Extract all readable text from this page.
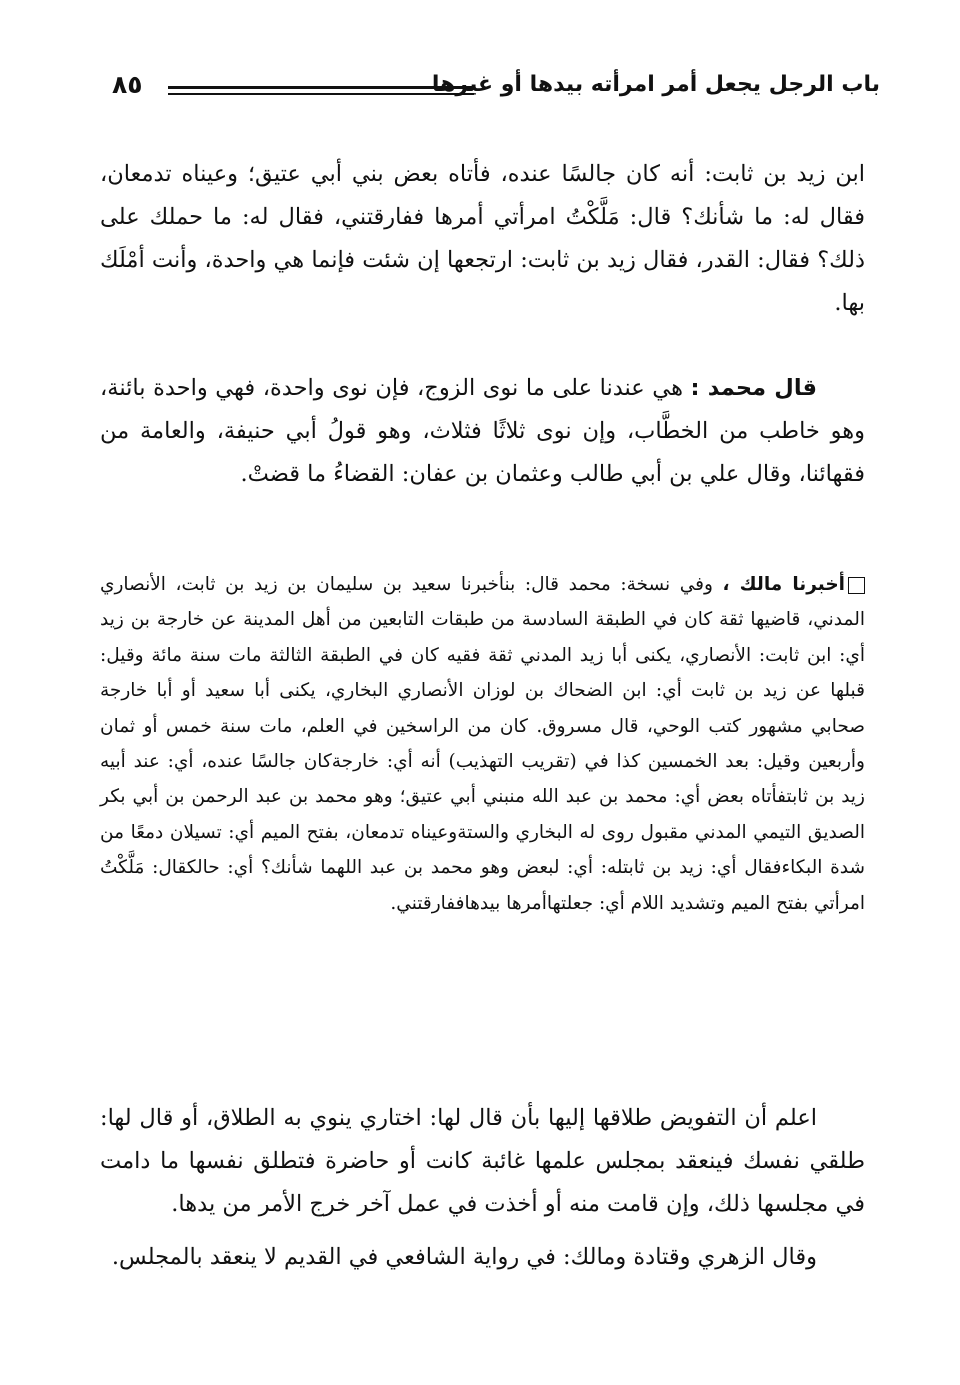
٨٥	باب الرجل يجعل أمر امرأته بيدها أو غيرها

ابن زيد بن ثابت: أنه كان جالسًا عنده، فأتاه بعض بني أبي عتيق؛ وعيناه تدمعان، فقال له: ما شأنك؟ قال: مَلَّكْتُ امرأتي أمرها ففارقتني، فقال له: ما حملك على ذلك؟ فقال: القدر، فقال زيد بن ثابت: ارتجعها إن شئت فإنما هي واحدة، وأنت أمْلَك بها.

قال محمد : هي عندنا على ما نوى الزوج، فإن نوى واحدة، فهي واحدة بائنة، وهو خاطب من الخطَّاب، وإن نوى ثلاثًا فثلاث، وهو قولُ أبي حنيفة، والعامة من فقهائنا، وقال علي بن أبي طالب وعثمان بن عفان: القضاءُ ما قضتْ.
أخبرنا مالك ، وفي نسخة: محمد قال: بنأخبرنا سعيد بن سليمان بن زيد بن ثابت، الأنصاري المدني، قاضيها ثقة كان في الطبقة السادسة من طبقات التابعين من أهل المدينة عن خارجة بن زيد أي: ابن ثابت: الأنصاري، يكنى أبا زيد المدني ثقة فقيه كان في الطبقة الثالثة مات سنة مائة وقيل: قبلها عن زيد بن ثابت أي: ابن الضحاك بن لوزان الأنصاري البخاري، يكنى أبا سعيد أو أبا خارجة صحابي مشهور كتب الوحي، قال مسروق. كان من الراسخين في العلم، مات سنة خمس أو ثمان وأربعين وقيل: بعد الخمسين كذا في (تقريب التهذيب) أنه أي: خارجةكان جالسًا عنده، أي: عند أبيه زيد بن ثابتفأتاه بعض أي: محمد بن عبد الله منبني أبي عتيق؛ وهو محمد بن عبد الرحمن بن أبي بكر الصديق التيمي المدني مقبول روى له البخاري والستةوعيناه تدمعان، بفتح الميم أي: تسيلان دمعًا من شدة البكاءفقال أي: زيد بن ثابتله: أي: لبعض وهو محمد بن عبد اللهما شأنك؟ أي: حالكقال: مَلَّكْتُ امرأتي بفتح الميم وتشديد اللام أي: جعلتهاأمرها بيدهاففارقتني.

اعلم أن التفويض طلاقها إليها بأن قال لها: اختاري ينوي به الطلاق، أو قال لها: طلقي نفسك فينعقد بمجلس علمها غائبة كانت أو حاضرة فتطلق نفسها ما دامت في مجلسها ذلك، وإن قامت منه أو أخذت في عمل آخر خرج الأمر من يدها.

وقال الزهري وقتادة ومالك: في رواية الشافعي في القديم لا ينعقد بالمجلس.
